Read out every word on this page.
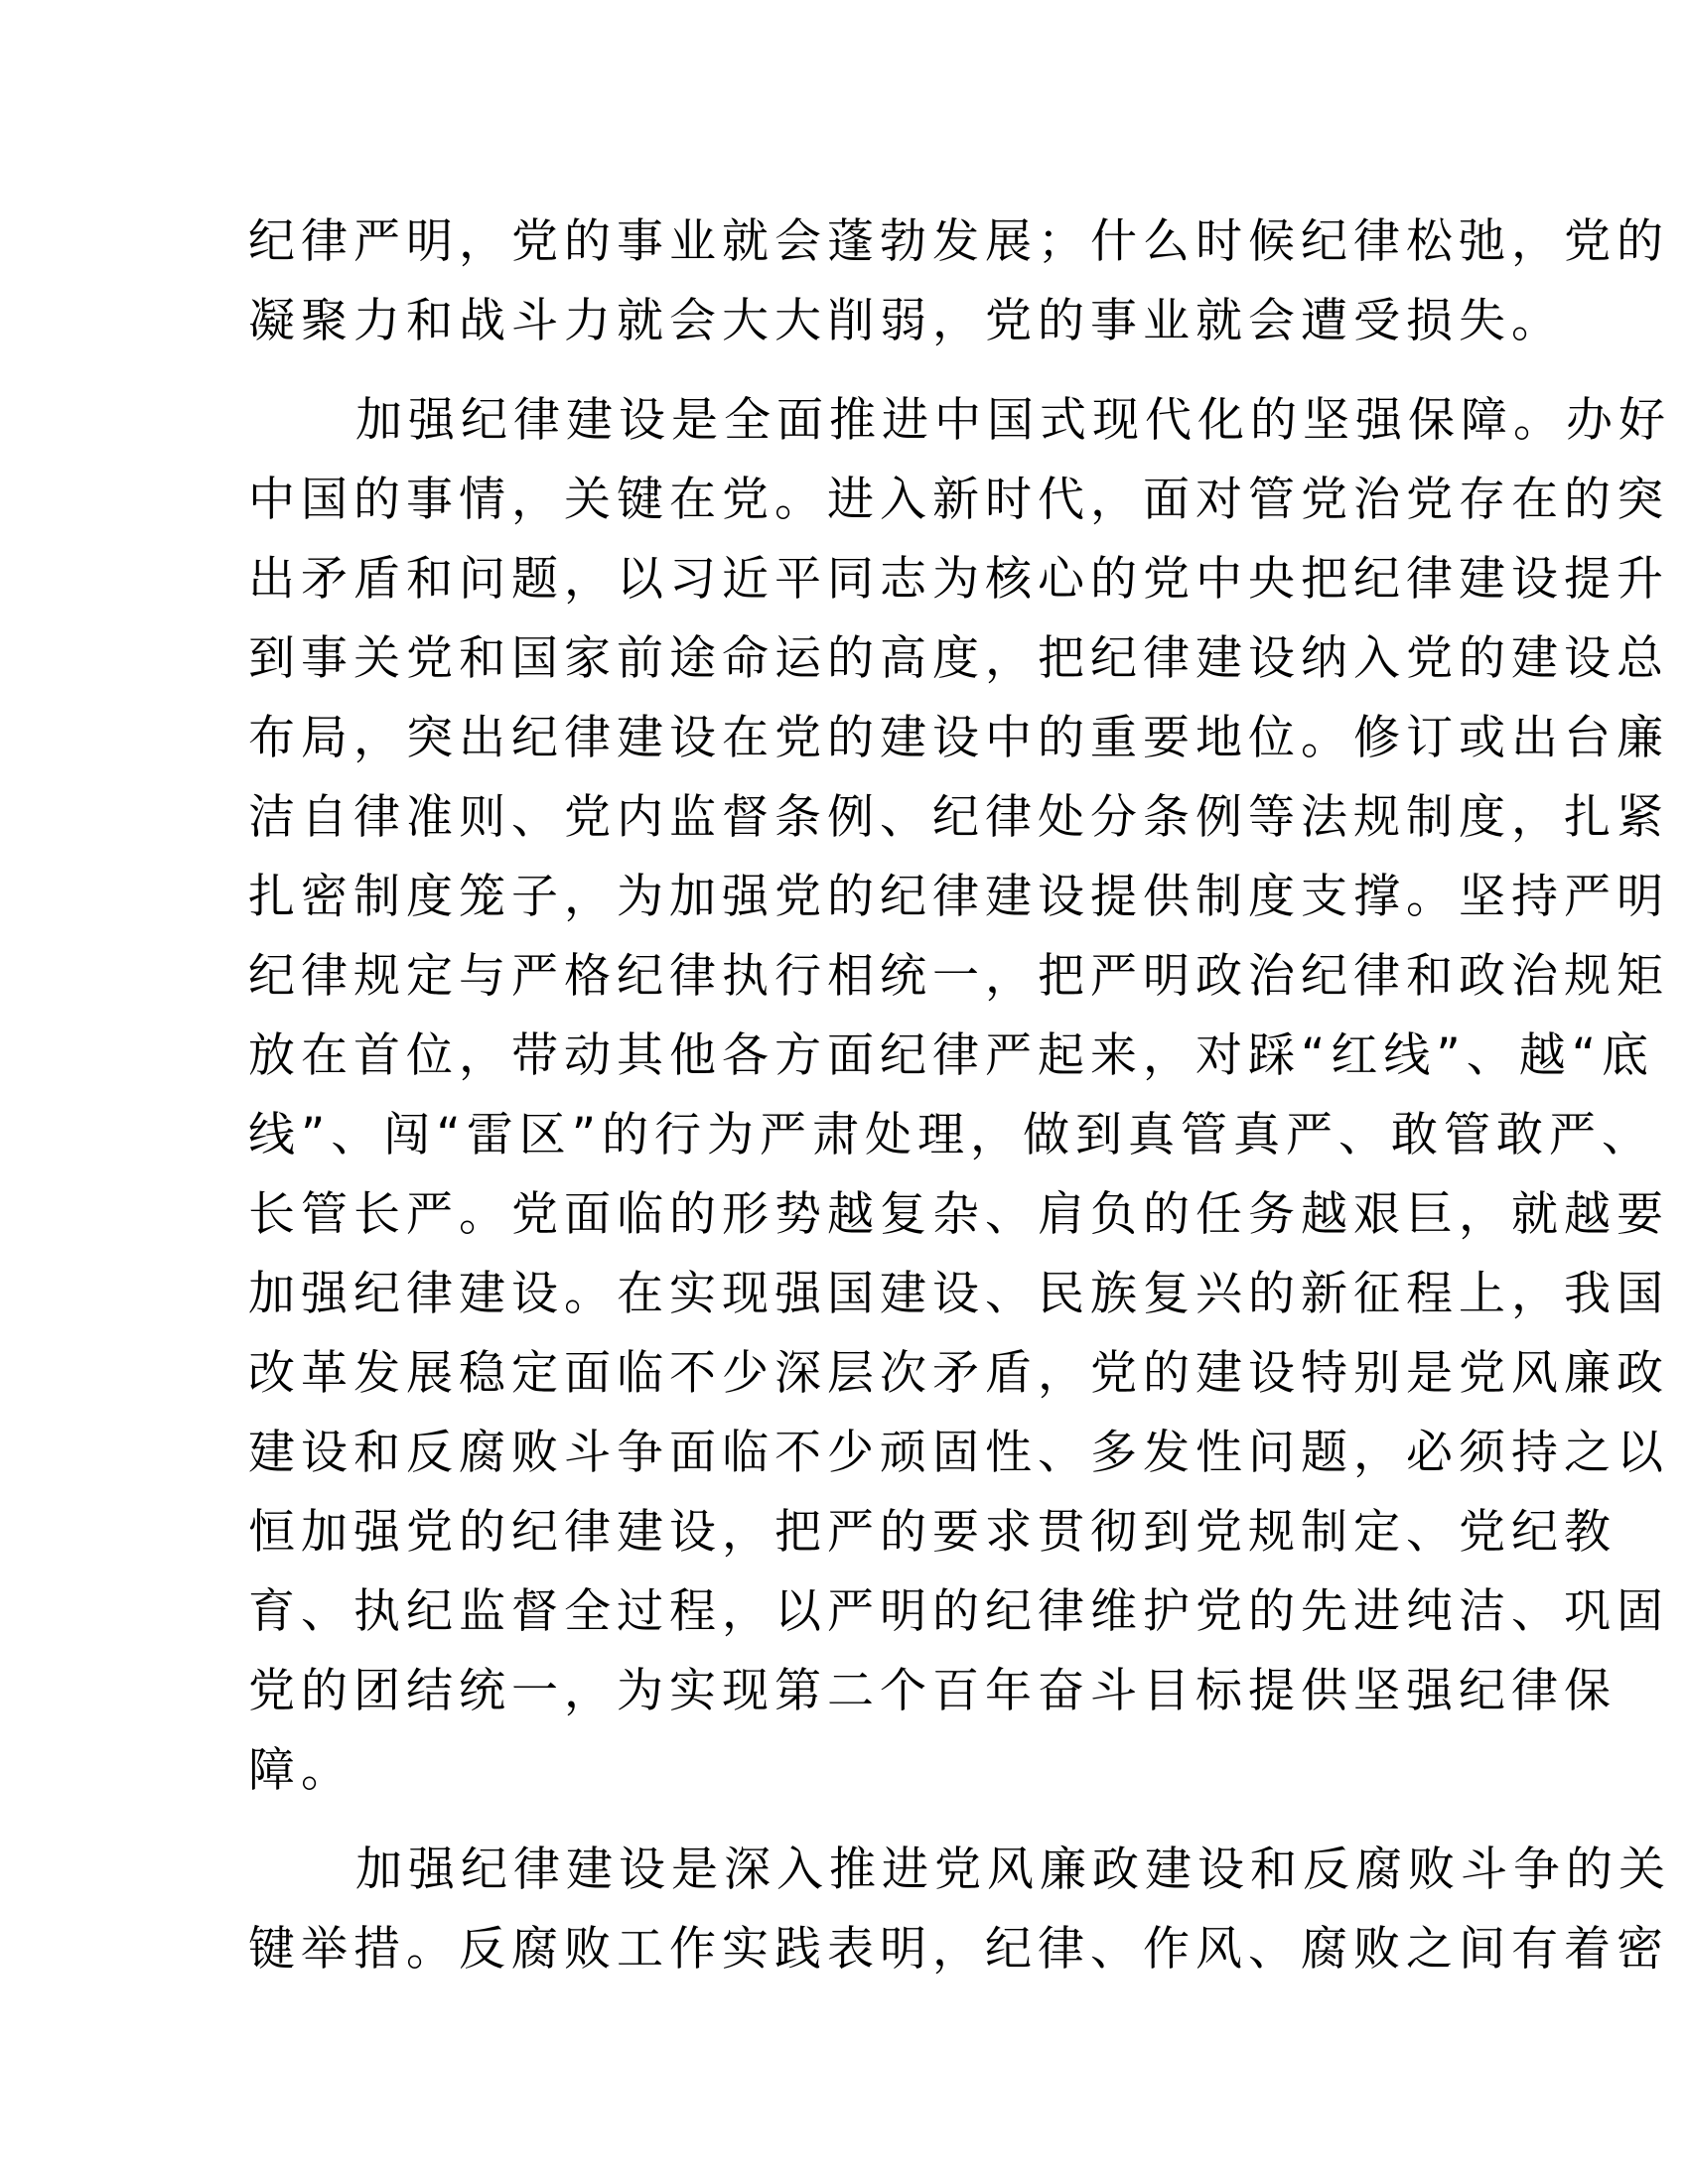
纪律严明，党的事业就会蓬勃发展；什么时候纪律松弛，党的
凝聚力和战斗力就会大大削弱，党的事业就会遭受损失。
加强纪律建设是全面推进中国式现代化的坚强保障。办好
中国的事情，关键在党。进入新时代，面对管党治党存在的突
出矛盾和问题，以习近平同志为核心的党中央把纪律建设提升
到事关党和国家前途命运的高度，把纪律建设纳入党的建设总
布局，突出纪律建设在党的建设中的重要地位。修订或出台廉
洁自律准则、党内监督条例、纪律处分条例等法规制度，扎紧
扎密制度笼子，为加强党的纪律建设提供制度支撑。坚持严明
纪律规定与严格纪律执行相统一，把严明政治纪律和政治规矩
放在首位，带动其他各方面纪律严起来，对踩“红线”、越“底
线”、闯“雷区”的行为严肃处理，做到真管真严、敢管敢严、
长管长严。党面临的形势越复杂、肩负的任务越艰巨，就越要
加强纪律建设。在实现强国建设、民族复兴的新征程上，我国
改革发展稳定面临不少深层次矛盾，党的建设特别是党风廉政
建设和反腐败斗争面临不少顽固性、多发性问题，必须持之以
恒加强党的纪律建设，把严的要求贯彻到党规制定、党纪教
育、执纪监督全过程，以严明的纪律维护党的先进纯洁、巩固
党的团结统一，为实现第二个百年奋斗目标提供坚强纪律保
障。
加强纪律建设是深入推进党风廉政建设和反腐败斗争的关
键举措。反腐败工作实践表明，纪律、作风、腐败之间有着密
